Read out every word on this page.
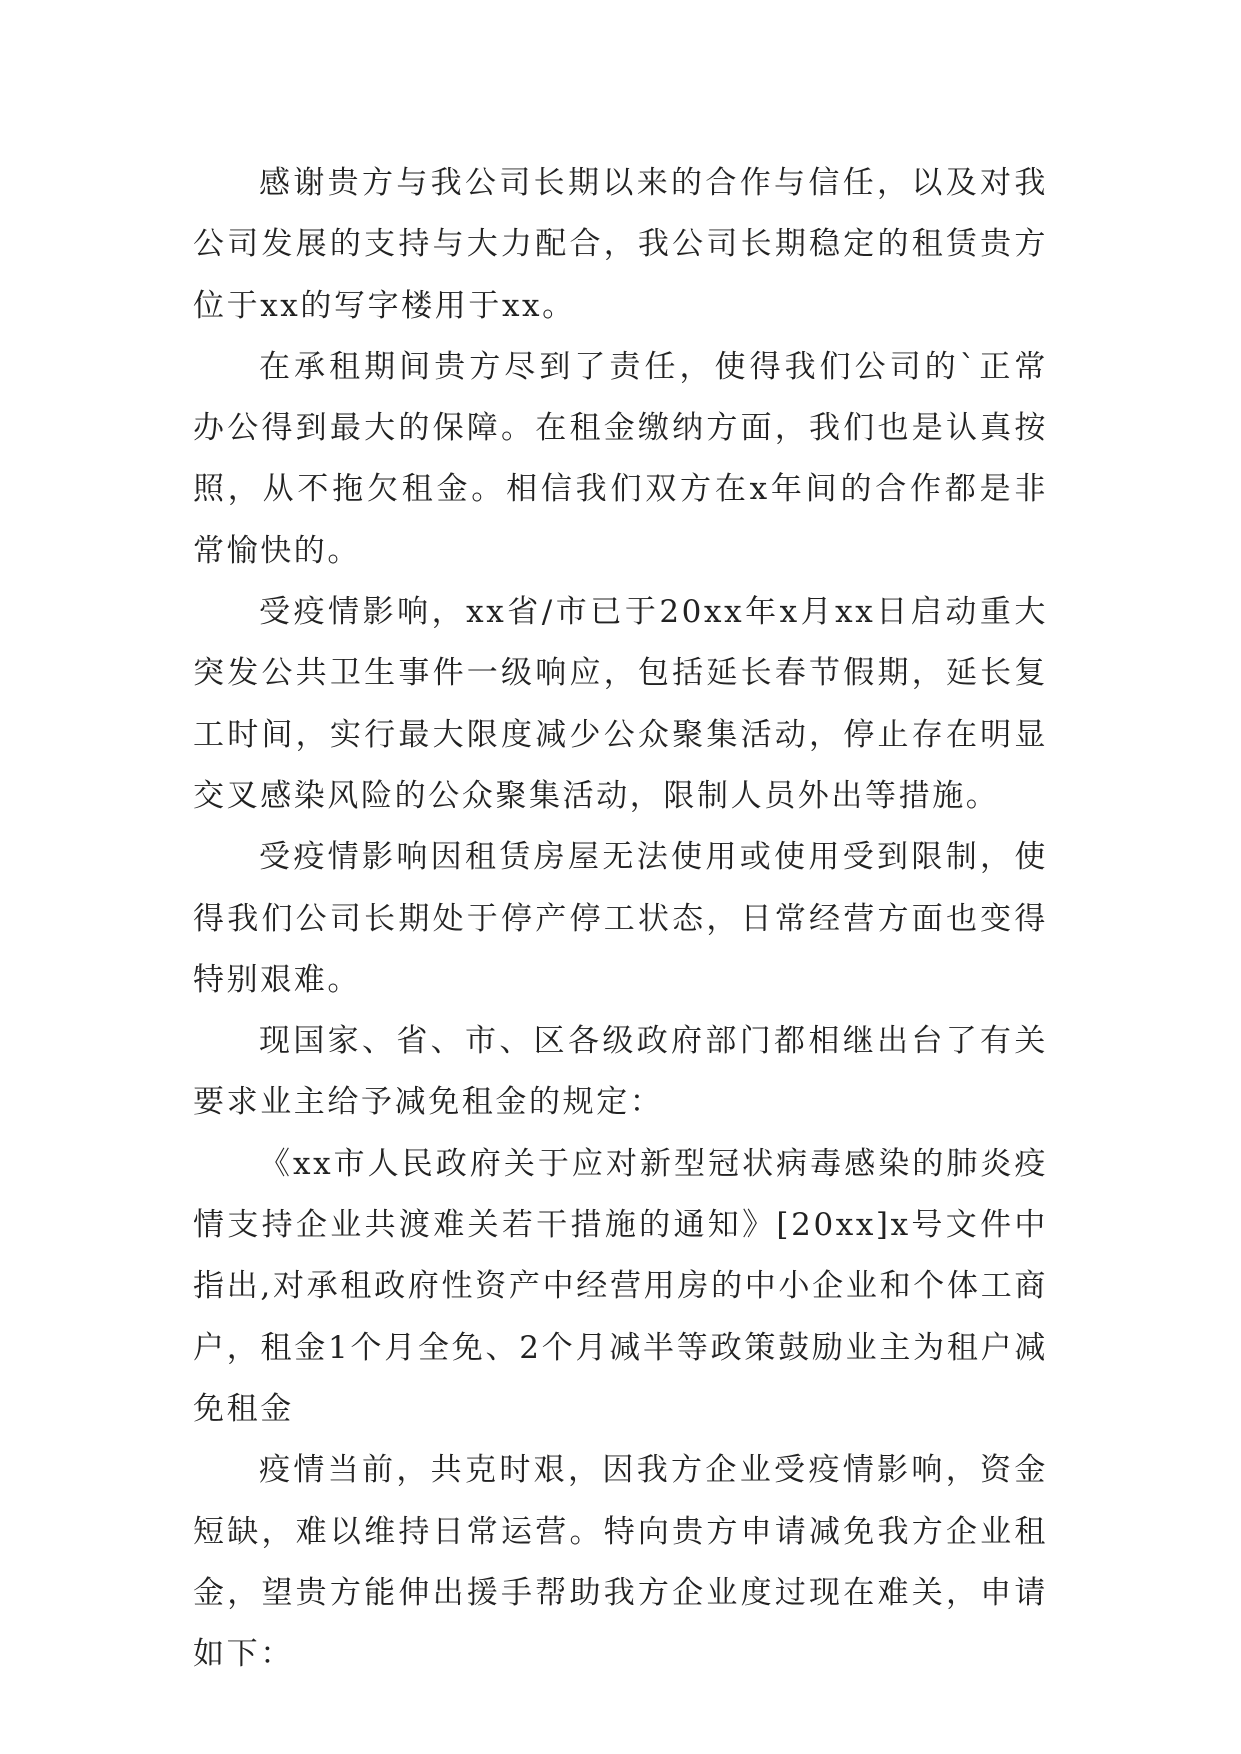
感谢贵方与我公司长期以来的合作与信任，以及对我公司发展的支持与大力配合，我公司长期稳定的租赁贵方位于xx的写字楼用于xx。

在承租期间贵方尽到了责任，使得我们公司的`正常办公得到最大的保障。在租金缴纳方面，我们也是认真按照，从不拖欠租金。相信我们双方在x年间的合作都是非常愉快的。

受疫情影响，xx省/市已于20xx年x月xx日启动重大突发公共卫生事件一级响应，包括延长春节假期，延长复工时间，实行最大限度减少公众聚集活动，停止存在明显交叉感染风险的公众聚集活动，限制人员外出等措施。

受疫情影响因租赁房屋无法使用或使用受到限制，使得我们公司长期处于停产停工状态，日常经营方面也变得特别艰难。

现国家、省、市、区各级政府部门都相继出台了有关要求业主给予减免租金的规定：

《xx市人民政府关于应对新型冠状病毒感染的肺炎疫情支持企业共渡难关若干措施的通知》[20xx]x号文件中指出,对承租政府性资产中经营用房的中小企业和个体工商户，租金1个月全免、2个月减半等政策鼓励业主为租户减免租金

疫情当前，共克时艰，因我方企业受疫情影响，资金短缺，难以维持日常运营。特向贵方申请减免我方企业租金，望贵方能伸出援手帮助我方企业度过现在难关，申请如下：
